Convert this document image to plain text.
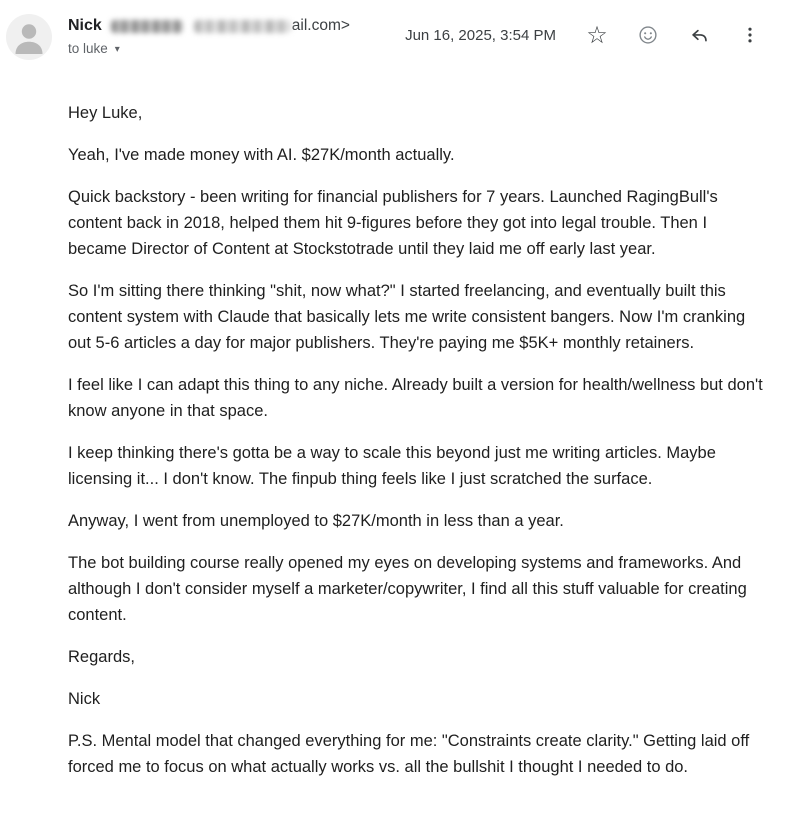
Nick	ail.com>
to luke ▾
Jun 16, 2025, 3:54 PM ☆

Hey Luke,

Yeah, I've made money with AI. $27K/month actually.

Quick backstory - been writing for financial publishers for 7 years. Launched RagingBull's content back in 2018, helped them hit 9-figures before they got into legal trouble. Then I became Director of Content at Stockstotrade until they laid me off early last year.

So I'm sitting there thinking "shit, now what?" I started freelancing, and eventually built this content system with Claude that basically lets me write consistent bangers. Now I'm cranking out 5-6 articles a day for major publishers. They're paying me $5K+ monthly retainers.

I feel like I can adapt this thing to any niche. Already built a version for health/wellness but don't know anyone in that space.

I keep thinking there's gotta be a way to scale this beyond just me writing articles. Maybe licensing it... I don't know. The finpub thing feels like I just scratched the surface.

Anyway, I went from unemployed to $27K/month in less than a year.

The bot building course really opened my eyes on developing systems and frameworks. And although I don't consider myself a marketer/copywriter, I find all this stuff valuable for creating content.

Regards,

Nick

P.S. Mental model that changed everything for me: "Constraints create clarity." Getting laid off forced me to focus on what actually works vs. all the bullshit I thought I needed to do.
